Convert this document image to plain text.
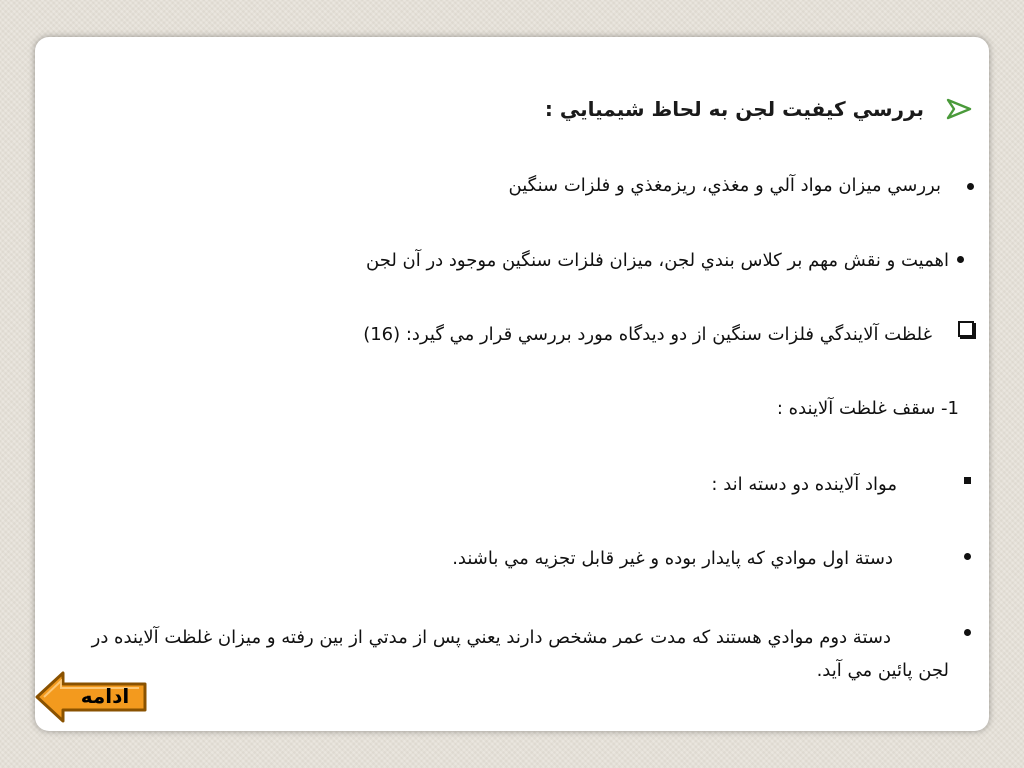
بررسي كيفيت لجن به لحاظ شيميايي :
بررسي ميزان مواد آلي و مغذي، ريزمغذي و فلزات سنگين
اهميت و نقش مهم بر كلاس بندي لجن، ميزان فلزات سنگين موجود در آن لجن
غلظت آلايندگي فلزات سنگين از دو ديدگاه مورد بررسي قرار مي گيرد: (16)
1- سقف غلظت آلاينده :
مواد آلاينده دو دسته اند :
دستة اول موادي كه پايدار بوده و غير قابل تجزيه مي باشند.
دستة دوم موادي هستند كه مدت عمر مشخص دارند يعني پس از مدتي از بين رفته و ميزان غلظت آلاينده در لجن پائين مي آيد.
ادامه
